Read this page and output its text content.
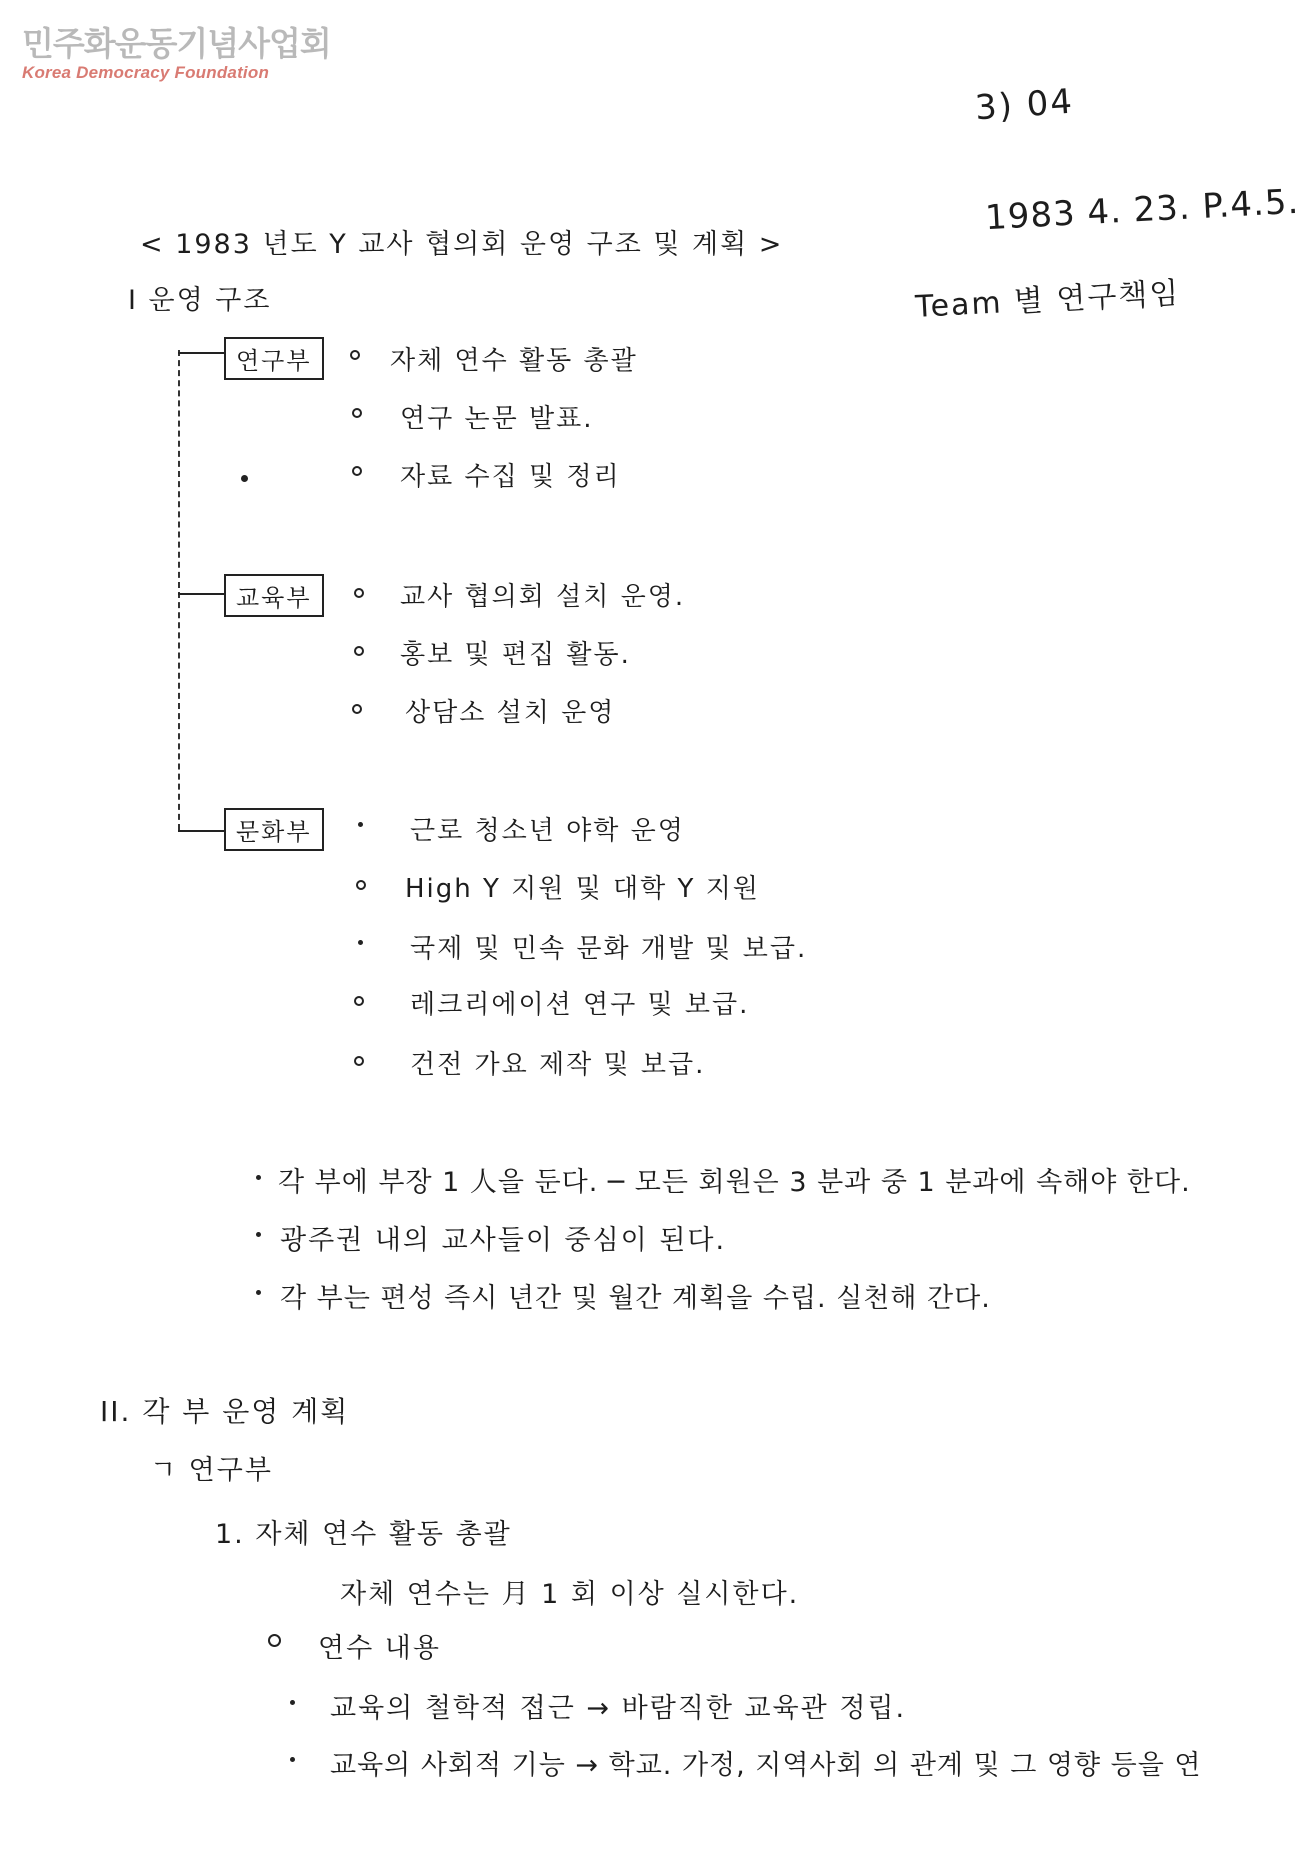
민주화운동기념사업회
Korea Democracy Foundation
3) 04
1983 4. 23. P.4.5.
Team 별 연구책임
< 1983 년도 Y 교사 협의회 운영 구조 및 계획 >
I 운영 구조
연구부
교육부
문화부
자체 연수 활동 총괄
연구 논문 발표.
자료 수집 및 정리
교사 협의회 설치 운영.
홍보 및 편집 활동.
상담소 설치 운영
근로 청소년 야학 운영
High Y 지원 및 대학 Y 지원
국제 및 민속 문화 개발 및 보급.
레크리에이션 연구 및 보급.
건전 가요 제작 및 보급.
각 부에 부장 1 人을 둔다. ─ 모든 회원은 3 분과 중 1 분과에 속해야 한다.
광주권 내의 교사들이 중심이 된다.
각 부는 편성 즉시 년간 및 월간 계획을 수립. 실천해 간다.
II. 각 부 운영 계획
ㄱ 연구부
1. 자체 연수 활동 총괄
자체 연수는 月 1 회 이상 실시한다.
연수 내용
교육의 철학적 접근 → 바람직한 교육관 정립.
교육의 사회적 기능 → 학교. 가정, 지역사회 의 관계 및 그 영향 등을 연
